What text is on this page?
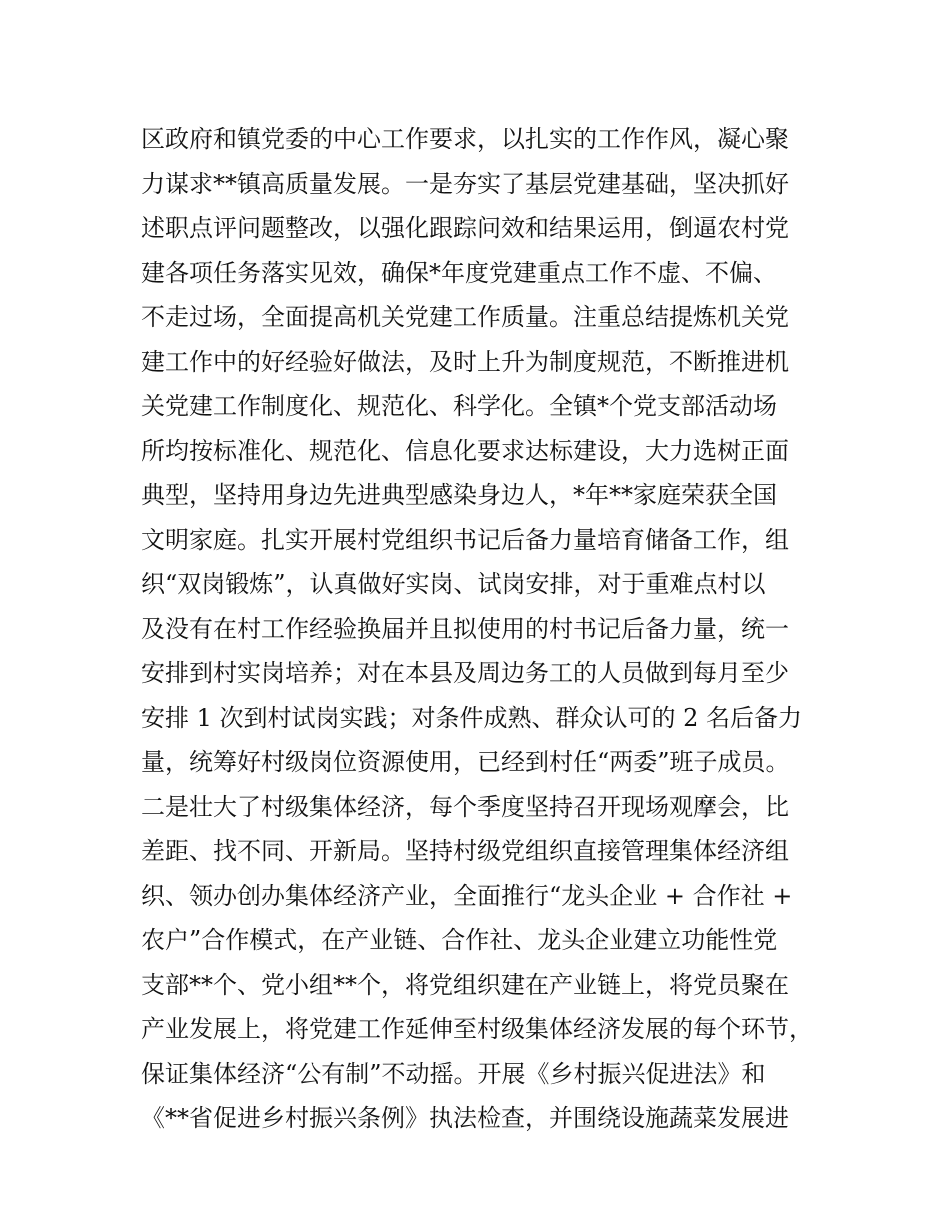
区政府和镇党委的中心工作要求，以扎实的工作作风，凝心聚
力谋求**镇高质量发展。一是夯实了基层党建基础，坚决抓好
述职点评问题整改，以强化跟踪问效和结果运用，倒逼农村党
建各项任务落实见效，确保*年度党建重点工作不虚、不偏、
不走过场，全面提高机关党建工作质量。注重总结提炼机关党
建工作中的好经验好做法，及时上升为制度规范，不断推进机
关党建工作制度化、规范化、科学化。全镇*个党支部活动场
所均按标准化、规范化、信息化要求达标建设，大力选树正面
典型，坚持用身边先进典型感染身边人，*年**家庭荣获全国
文明家庭。扎实开展村党组织书记后备力量培育储备工作，组
织“双岗锻炼”，认真做好实岗、试岗安排，对于重难点村以
及没有在村工作经验换届并且拟使用的村书记后备力量，统一
安排到村实岗培养；对在本县及周边务工的人员做到每月至少
安排 1 次到村试岗实践；对条件成熟、群众认可的 2 名后备力
量，统筹好村级岗位资源使用，已经到村任“两委”班子成员。
二是壮大了村级集体经济，每个季度坚持召开现场观摩会，比
差距、找不同、开新局。坚持村级党组织直接管理集体经济组
织、领办创办集体经济产业，全面推行“龙头企业 + 合作社 +
农户”合作模式，在产业链、合作社、龙头企业建立功能性党
支部**个、党小组**个，将党组织建在产业链上，将党员聚在
产业发展上，将党建工作延伸至村级集体经济发展的每个环节，
保证集体经济“公有制”不动摇。开展《乡村振兴促进法》和
《**省促进乡村振兴条例》执法检查，并围绕设施蔬菜发展进
